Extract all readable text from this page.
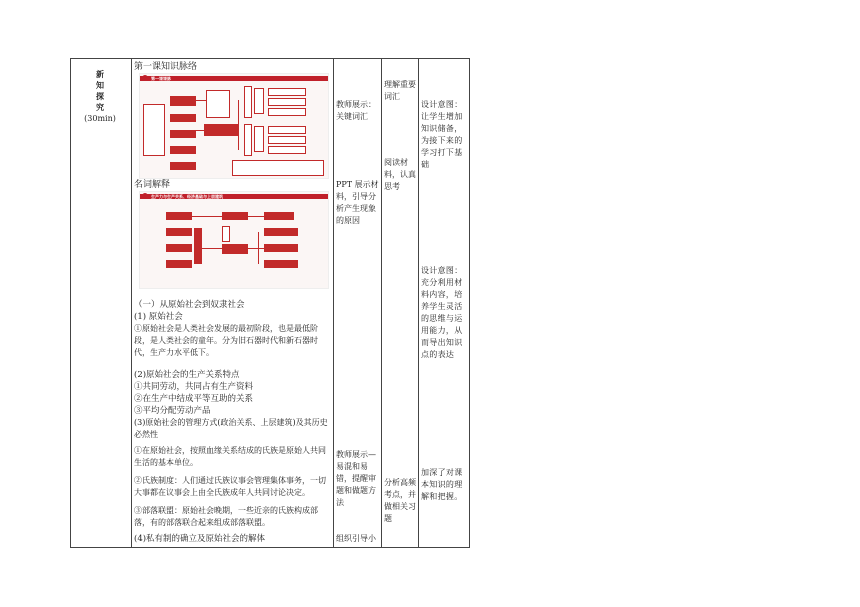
新
知
探
究
(30min)
第一课知识脉络
第一课课脉
名词解释
生产力与生产关系、经济基础与上层建筑
（一）从原始社会到奴隶社会
(1) 原始社会
①原始社会是人类社会发展的最初阶段，也是最低阶段，是人类社会的童年。分为旧石器时代和新石器时代，生产力水平低下。
(2)原始社会的生产关系特点
①共同劳动，共同占有生产资料
②在生产中结成平等互助的关系
③平均分配劳动产品
(3)原始社会的管理方式(政治关系、上层建筑)及其历史必然性
①在原始社会，按照血缘关系结成的氏族是原始人共同生活的基本单位。
②氏族制度：人们通过氏族议事会管理集体事务，一切大事都在议事会上由全氏族成年人共同讨论决定。
③部落联盟：原始社会晚期，一些近亲的氏族构成部落，有的部落联合起来组成部落联盟。
(4)私有制的确立及原始社会的解体
教师展示：关键词汇
PPT 展示材料，引导分析产生现象的原因
教师展示—易混和易错，提醒审题和做题方法
组织引导小
理解重要词汇
阅读材料，认真思考
分析高频考点，并做相关习题
设计意图：让学生增加知识储备，为接下来的学习打下基础
设计意图：充分利用材料内容，培养学生灵活的思维与运用能力，从而导出知识点的表达
加深了对课本知识的理解和把握。
